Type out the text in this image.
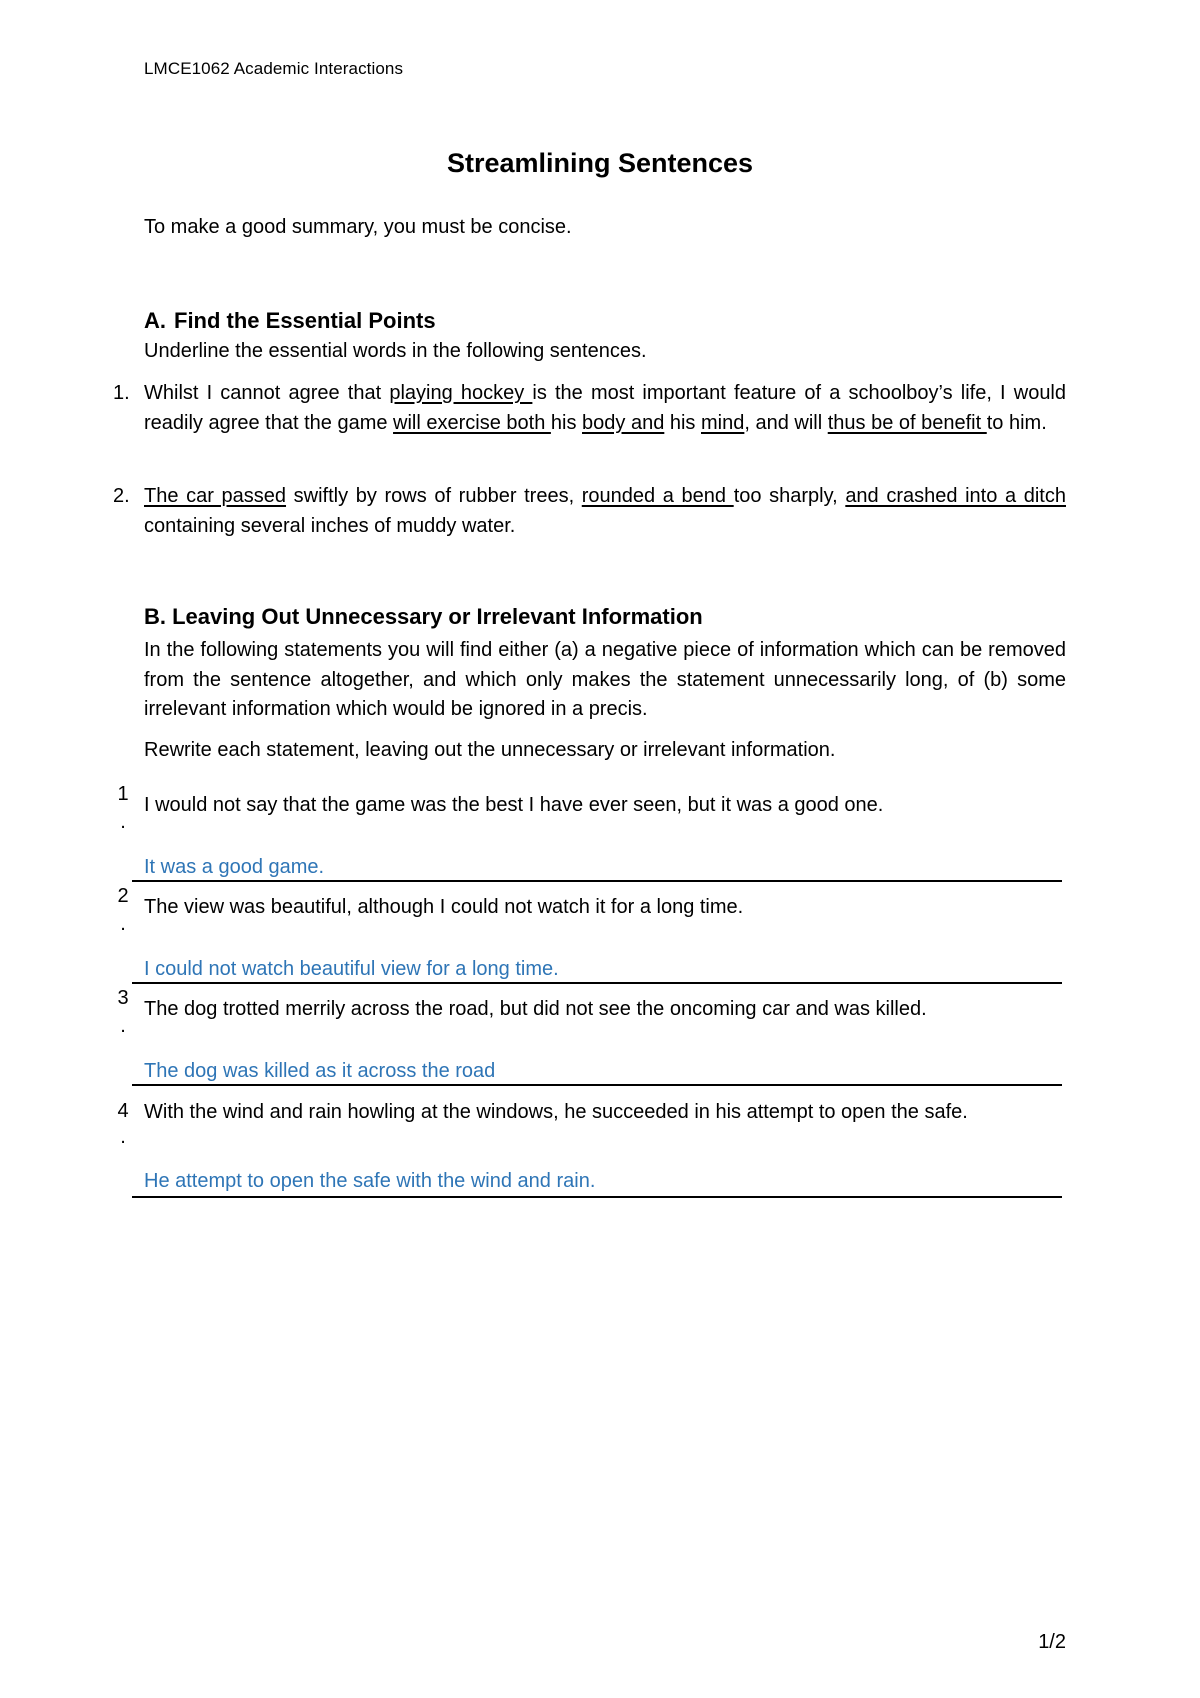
LMCE1062 Academic Interactions
Streamlining Sentences
To make a good summary, you must be concise.
A. Find the Essential Points
Underline the essential words in the following sentences.
1. Whilst I cannot agree that playing hockey is the most important feature of a schoolboy’s life, I would readily agree that the game will exercise both his body and his mind, and will thus be of benefit to him.
2. The car passed swiftly by rows of rubber trees, rounded a bend too sharply, and crashed into a ditch containing several inches of muddy water.
B. Leaving Out Unnecessary or Irrelevant Information
In the following statements you will find either (a) a negative piece of information which can be removed from the sentence altogether, and which only makes the statement unnecessarily long, of (b) some irrelevant information which would be ignored in a precis.
Rewrite each statement, leaving out the unnecessary or irrelevant information.
1
.
I would not say that the game was the best I have ever seen, but it was a good one.
It was a good game.
2
.
The view was beautiful, although I could not watch it for a long time.
I could not watch beautiful view for a long time.
3
.
The dog trotted merrily across the road, but did not see the oncoming car and was killed.
The dog was killed as it across the road
4
.
With the wind and rain howling at the windows, he succeeded in his attempt to open the safe.
He attempt to open the safe with the wind and rain.
1/2
